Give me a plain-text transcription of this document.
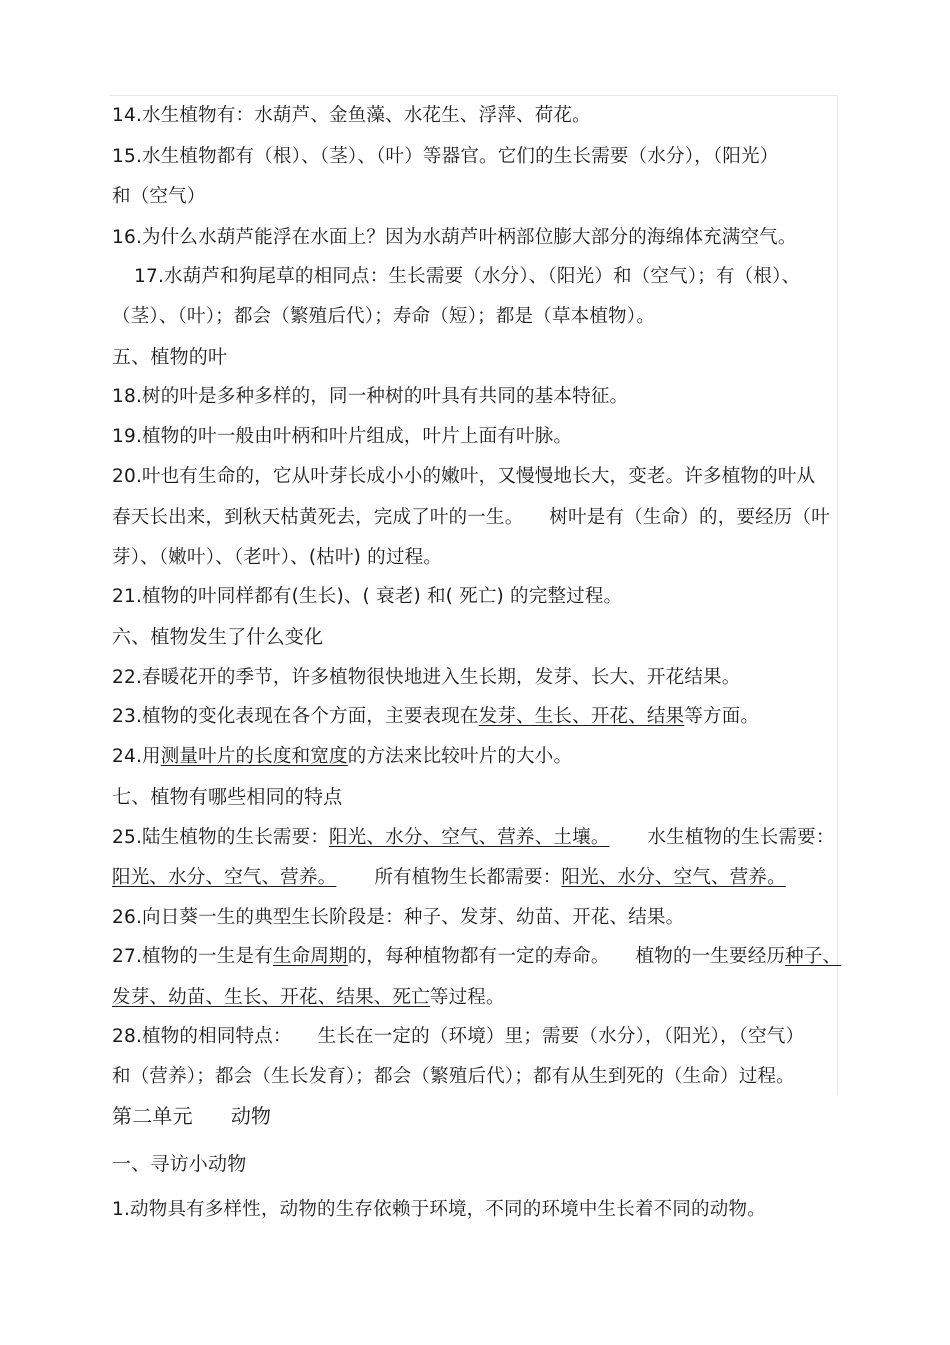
14.水生植物有：水葫芦、金鱼藻、水花生、浮萍、荷花。
15.水生植物都有（根）、（茎）、（叶）等器官。它们的生长需要（水分），（阳光）
和（空气）
16.为什么水葫芦能浮在水面上？因为水葫芦叶柄部位膨大部分的海绵体充满空气。
17.水葫芦和狗尾草的相同点：生长需要（水分）、（阳光）和（空气）；有（根）、
（茎）、（叶）；都会（繁殖后代）；寿命（短）；都是（草本植物）。
五、植物的叶
18.树的叶是多种多样的，同一种树的叶具有共同的基本特征。
19.植物的叶一般由叶柄和叶片组成，叶片上面有叶脉。
20.叶也有生命的，它从叶芽长成小小的嫩叶，又慢慢地长大，变老。许多植物的叶从
春天长出来，到秋天枯黄死去，完成了叶的一生。 树叶是有（生命）的，要经历（叶
芽）、（嫩叶）、（老叶）、(枯叶) 的过程。
21.植物的叶同样都有(生长)、( 衰老) 和( 死亡) 的完整过程。
六、植物发生了什么变化
22.春暖花开的季节，许多植物很快地进入生长期，发芽、长大、开花结果。
23.植物的变化表现在各个方面，主要表现在发芽、生长、开花、结果等方面。
24.用测量叶片的长度和宽度的方法来比较叶片的大小。
七、植物有哪些相同的特点
25.陆生植物的生长需要：阳光、水分、空气、营养、土壤。 水生植物的生长需要：
阳光、水分、空气、营养。 所有植物生长都需要：阳光、水分、空气、营养。
26.向日葵一生的典型生长阶段是：种子、发芽、幼苗、开花、结果。
27.植物的一生是有生命周期的，每种植物都有一定的寿命。 植物的一生要经历种子、
发芽、幼苗、生长、开花、结果、死亡等过程。
28.植物的相同特点： 生长在一定的（环境）里；需要（水分），（阳光），（空气）
和（营养）；都会（生长发育）；都会（繁殖后代）；都有从生到死的（生命）过程。
第二单元 动物
一、寻访小动物
1.动物具有多样性，动物的生存依赖于环境，不同的环境中生长着不同的动物。
